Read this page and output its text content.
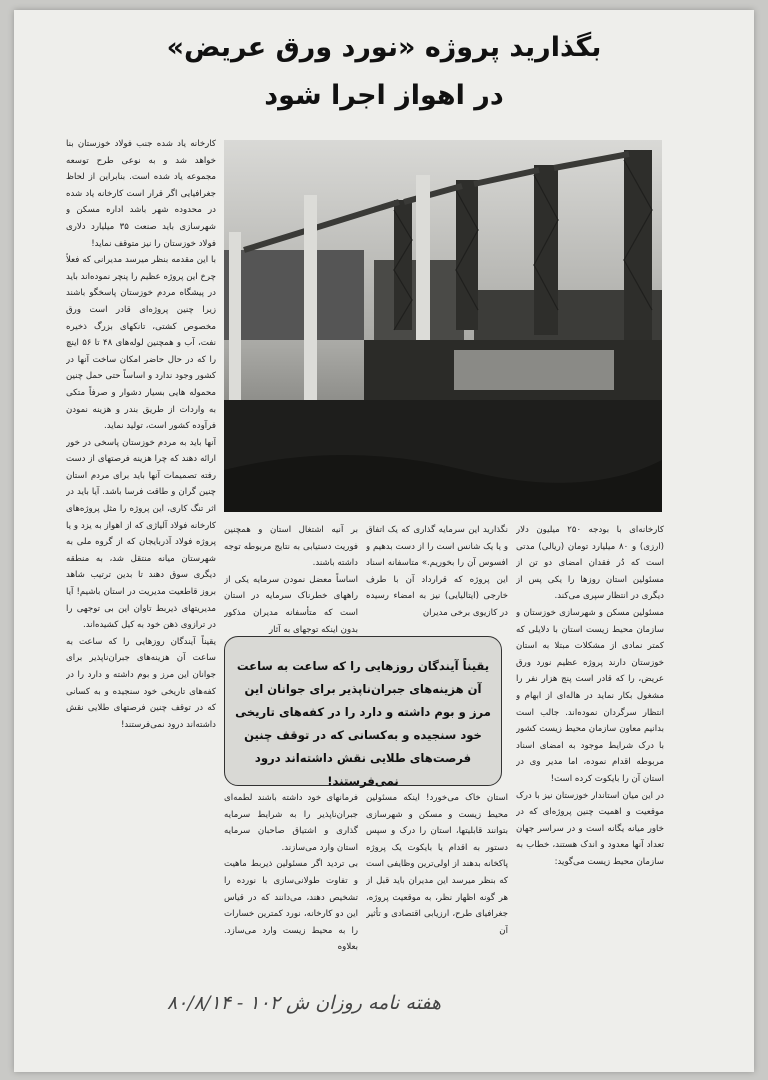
بگذارید پروژه «نورد ورق عریض»
در اهواز اجرا شود
کارخانه یاد شده جنب فولاد خوزستان بنا خواهد شد و به نوعی طرح توسعه مجموعه یاد شده است. بنابراین از لحاظ جغرافیایی اگر قرار است کارخانه یاد شده در محدوده شهر باشد اداره مسکن و شهرسازی باید صنعت ۳۵ میلیارد دلاری فولاد خوزستان را نیز متوقف نماید!
با این مقدمه بنظر میرسد مدیرانی که فعلاً چرخ این پروژه عظیم را پنچر نموده‌اند باید در پیشگاه مردم خوزستان پاسخگو باشند زیرا چنین پروژه‌ای قادر است ورق مخصوص کشتی، تانکهای بزرگ ذخیره نفت، آب و همچنین لوله‌های ۴۸ تا ۵۶ اینچ را که در حال حاضر امکان ساخت آنها در کشور وجود ندارد و اساساً حتی حمل چنین محموله هایی بسیار دشوار و صرفاً متکی به واردات از طریق بندر و هزینه نمودن فرآوده کشور است، تولید نماید.
آنها باید به مردم خوزستان پاسخی در خور ارائه دهند که چرا هزینه فرصتهای از دست رفته تصمیمات آنها باید برای مردم استان چنین گران و طاقت فرسا باشد. آیا باید در اثر تنگ کاری، این پروژه را مثل پروژه‌های کارخانه فولاد آلیاژی که از اهواز به یزد و یا پروژه فولاد آذربایجان که از گروه ملی به شهرستان میانه منتقل شد، به منطقه دیگری سوق دهند تا بدین ترتیب شاهد بروز قاطعیت مدیریت در استان باشیم! آیا مدیریتهای ذیربط تاوان این بی توجهی را در ترازوی ذهن خود به کیل کشیده‌اند.
یقیناً آیندگان روزهایی را که ساعت به ساعت آن هزینه‌های جبران‌ناپذیر برای جوانان این مرز و بوم داشته و دارد را در کفه‌های تاریخی خود سنجیده و به کسانی که در توقف چنین فرصتهای طلایی نقش داشته‌اند درود نمی‌فرستند!
کارخانه‌ای با بودجه ۲۵۰ میلیون دلار (ارزی) و ۸۰ میلیارد تومان (ریالی) مدتی است که دُر فقدان امضای دو تن از مسئولین استان روزها را یکی پس از دیگری در انتظار سپری می‌کند.
مسئولین مسکن و شهرسازی خوزستان و سازمان محیط زیست استان با دلایلی که کمتر نمادی از مشکلات مبتلا به استان خوزستان دارند پروژه عظیم نورد ورق عریض، را که قادر است پنج هزار نفر را مشغول بکار نماید در هاله‌ای از ابهام و انتظار سرگردان نموده‌اند. جالب است بدانیم معاون سازمان محیط زیست کشور با درک شرایط موجود به امضای اسناد مربوطه اقدام نموده، اما مدیر وی در استان آن را بایکوت کرده است!
در این میان استاندار خوزستان نیز با درک موقعیت و اهمیت چنین پروژه‌ای که در خاور میانه یگانه است و در سراسر جهان تعداد آنها معدود و اندک هستند، خطاب به سازمان محیط زیست می‌گوید:
نگذارید این سرمایه گذاری که یک اتفاق و یا یک شانس است را از دست بدهیم و افسوس آن را بخوریم.» متاسفانه اسناد این پروژه که قرارداد آن با طرف خارجی (ایتالیایی) نیز به امضاء رسیده در کازیوی برخی مدیران
بر آنیه اشتغال استان و همچنین فوریت دستیابی به نتایج مربوطه توجه داشته باشند.
اساساً معضل نمودن سرمایه یکی از راههای خطرناک سرمایه در استان است که متأسفانه مدیران مذکور بدون اینکه توجهای به آثار
یقیناً آیندگان روزهایی را که ساعت به ساعت آن هزینه‌های جبران‌ناپذیر برای جوانان این مرز و بوم داشته و دارد را در کفه‌های تاریخی خود سنجیده و به‌کسانی که در توقف چنین فرصت‌های طلایی نقش داشته‌اند درود نمی‌فرستند!
استان خاک می‌خورد! اینکه مسئولین محیط زیست و مسکن و شهرسازی بتوانند قابلیتها، استان را درک و سپس دستور به اقدام یا بایکوت یک پروژه پاکخانه بدهند از اولی‌ترین وظایفی است که بنظر میرسد این مدیران باید قبل از هر گونه اظهار نظر، به موقعیت پروژه، جغرافیای طرح، ارزیابی اقتصادی و تأثیر آن
فرمانهای خود داشته باشند لطمه‌ای جبران‌ناپذیر را به شرایط سرمایه گذاری و اشتیاق صاحبان سرمایه استان وارد می‌سازند.
بی تردید اگر مسئولین ذیربط ماهیت و تفاوت طولانی‌سازی با نورده را تشخیص دهند، می‌دانند که در قیاس این دو کارخانه، نورد کمترین خسارات را به محیط زیست وارد می‌سازد. بعلاوه
هفته نامه روزان ش ۱۰۲ - ۸۰/۸/۱۴
